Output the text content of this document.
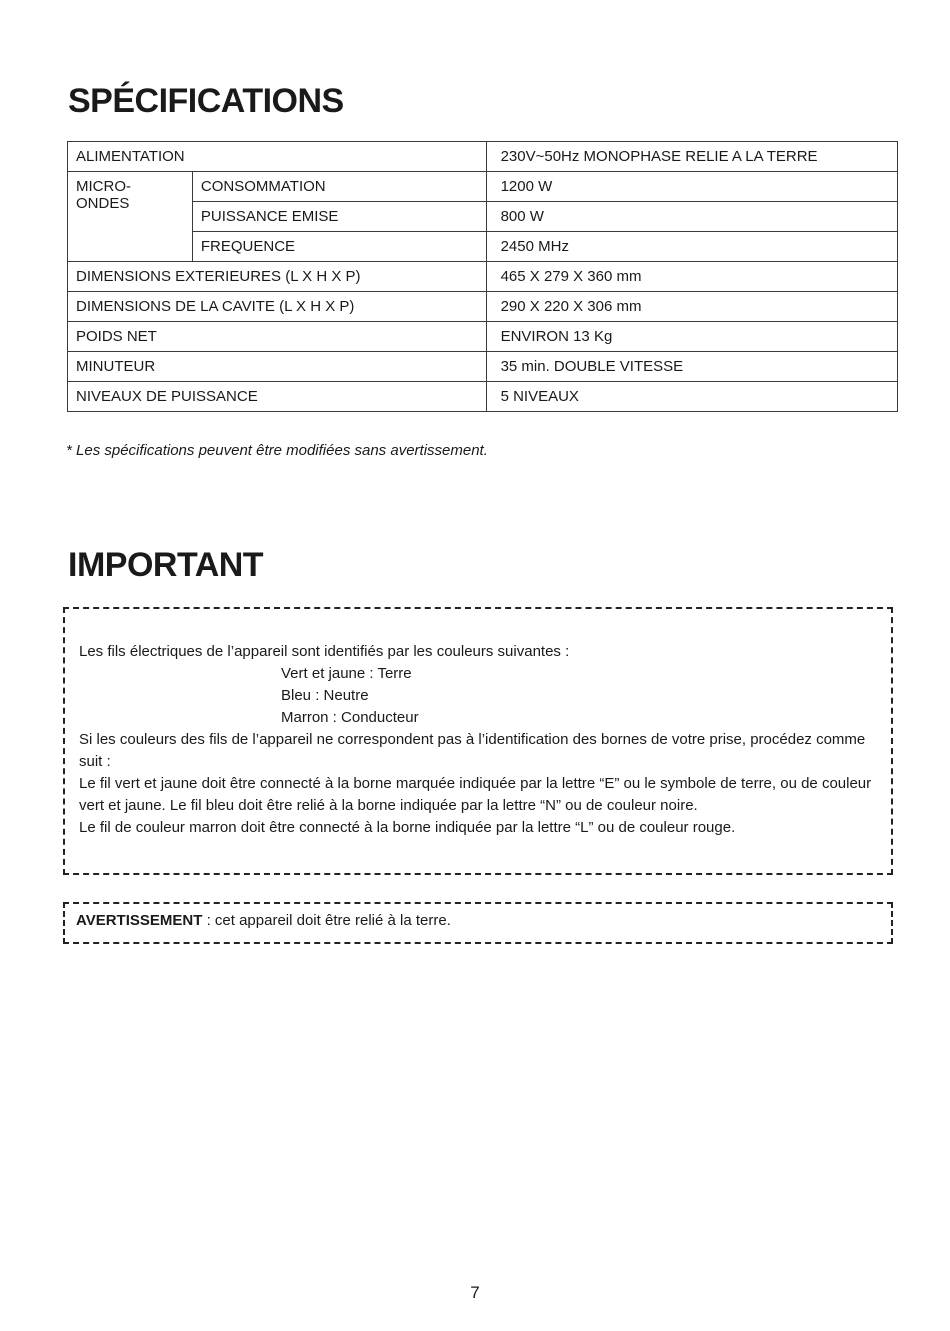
SPÉCIFICATIONS
ALIMENTATION		230V~50Hz MONOPHASE RELIE A LA TERRE
MICRO-ONDES	CONSOMMATION	1200 W
	PUISSANCE EMISE	800 W
	FREQUENCE	2450 MHz
DIMENSIONS EXTERIEURES (L X H X P)		465 X 279 X 360 mm
DIMENSIONS DE LA CAVITE (L X H X P)		290 X 220 X 306 mm
POIDS NET		ENVIRON 13 Kg
MINUTEUR		35 min. DOUBLE VITESSE
NIVEAUX DE PUISSANCE		5 NIVEAUX
* Les spécifications peuvent être modifiées sans avertissement.
IMPORTANT
Les fils électriques de l’appareil sont identifiés par les couleurs suivantes :
Vert et jaune : Terre
Bleu : Neutre
Marron : Conducteur
Si les couleurs des fils de l’appareil ne correspondent pas à l’identification des bornes de votre prise, procédez comme suit :
Le fil vert et jaune doit être connecté à la borne marquée indiquée par la lettre “E” ou le symbole de terre, ou de couleur vert et jaune. Le fil bleu doit être relié à la borne indiquée par la lettre “N” ou de couleur noire.
Le fil de couleur marron doit être connecté à la borne indiquée par la lettre “L” ou de couleur rouge.
AVERTISSEMENT : cet appareil doit être relié à la terre.
7
